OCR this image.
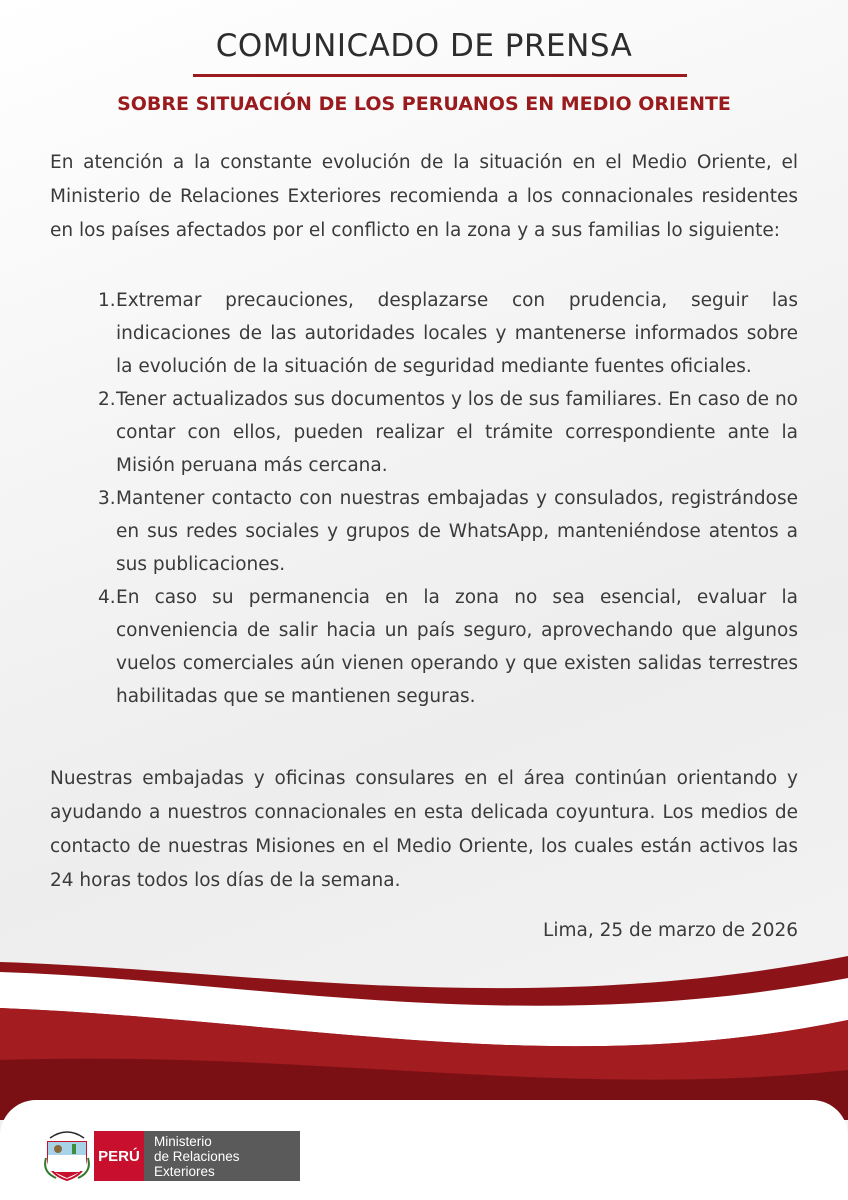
COMUNICADO DE PRENSA
SOBRE SITUACIÓN DE LOS PERUANOS EN MEDIO ORIENTE
En atención a la constante evolución de la situación en el Medio Oriente, el Ministerio de Relaciones Exteriores recomienda a los connacionales residentes en los países afectados por el conflicto en la zona y a sus familias lo siguiente:
1. Extremar precauciones, desplazarse con prudencia, seguir las indicaciones de las autoridades locales y mantenerse informados sobre la evolución de la situación de seguridad mediante fuentes oficiales.
2. Tener actualizados sus documentos y los de sus familiares. En caso de no contar con ellos, pueden realizar el trámite correspondiente ante la Misión peruana más cercana.
3. Mantener contacto con nuestras embajadas y consulados, registrándose en sus redes sociales y grupos de WhatsApp, manteniéndose atentos a sus publicaciones.
4. En caso su permanencia en la zona no sea esencial, evaluar la conveniencia de salir hacia un país seguro, aprovechando que algunos vuelos comerciales aún vienen operando y que existen salidas terrestres habilitadas que se mantienen seguras.
Nuestras embajadas y oficinas consulares en el área continúan orientando y ayudando a nuestros connacionales en esta delicada coyuntura. Los medios de contacto de nuestras Misiones en el Medio Oriente, los cuales están activos las 24 horas todos los días de la semana.
Lima, 25 de marzo de 2026
PERÚ
Ministerio
de Relaciones Exteriores
